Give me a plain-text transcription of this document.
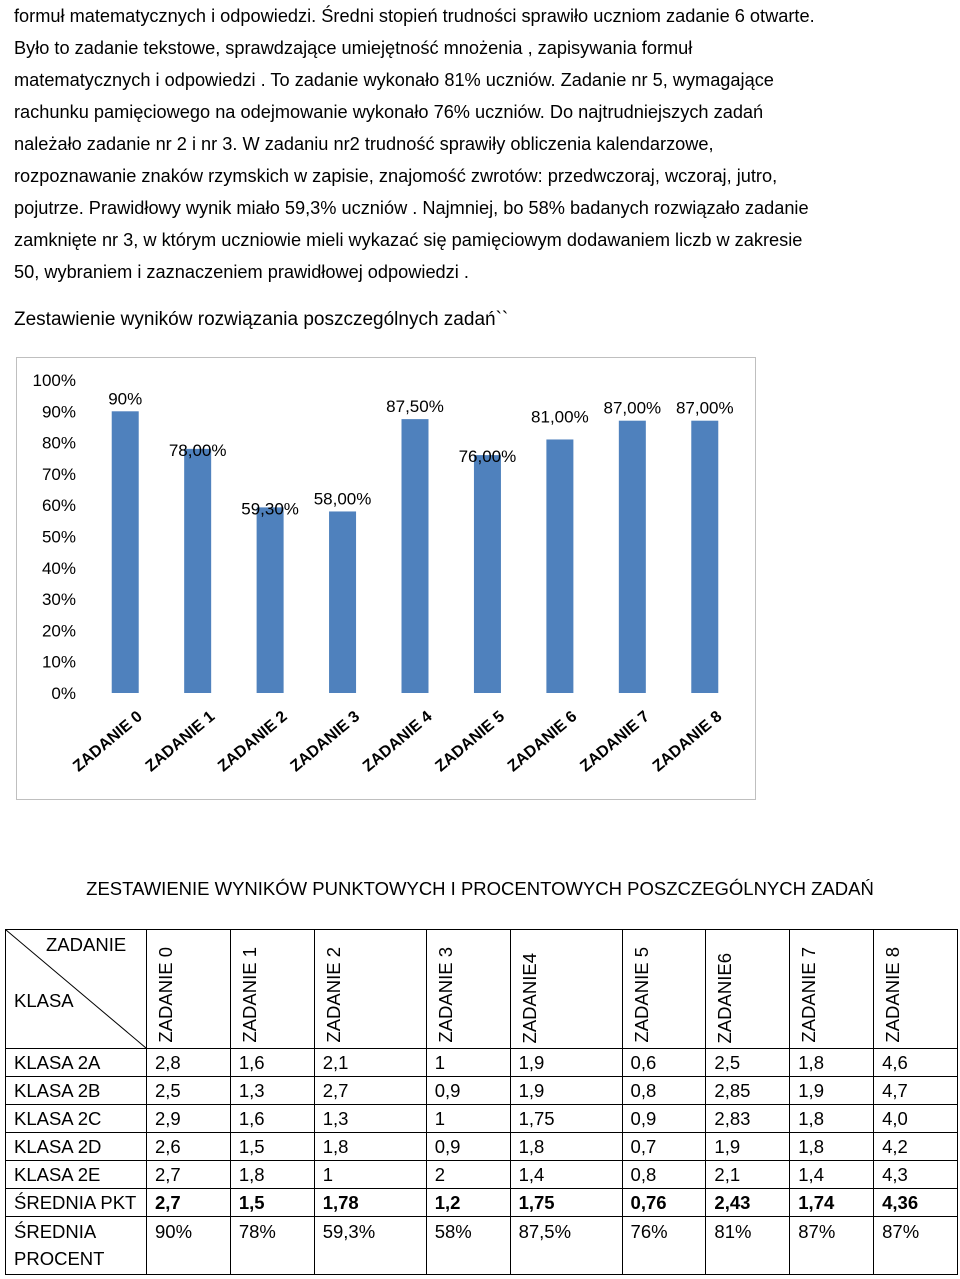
formuł matematycznych i odpowiedzi. Średni stopień trudności sprawiło uczniom zadanie 6 otwarte.
Było to zadanie tekstowe, sprawdzające umiejętność mnożenia , zapisywania formuł
matematycznych i odpowiedzi . To zadanie wykonało 81% uczniów. Zadanie nr 5, wymagające
rachunku pamięciowego na odejmowanie wykonało 76% uczniów. Do najtrudniejszych zadań
należało zadanie nr 2 i nr 3. W zadaniu nr2 trudność sprawiły obliczenia kalendarzowe,
rozpoznawanie znaków rzymskich w zapisie, znajomość zwrotów: przedwczoraj, wczoraj, jutro,
pojutrze. Prawidłowy wynik miało 59,3% uczniów . Najmniej, bo 58% badanych rozwiązało zadanie
zamknięte nr 3, w którym uczniowie mieli wykazać się pamięciowym dodawaniem liczb w zakresie
50, wybraniem i zaznaczeniem prawidłowej odpowiedzi .
Zestawienie wyników rozwiązania poszczególnych zadań``
0%
10%
20%
30%
40%
50%
60%
70%
80%
90%
100%
90%
ZADANIE 0
78,00%
ZADANIE 1
59,30%
ZADANIE 2
58,00%
ZADANIE 3
87,50%
ZADANIE 4
76,00%
ZADANIE 5
81,00%
ZADANIE 6
87,00%
ZADANIE 7
87,00%
ZADANIE 8
ZESTAWIENIE WYNIKÓW PUNKTOWYCH I PROCENTOWYCH POSZCZEGÓLNYCH ZADAŃ
ZADANIE
KLASA	ZADANIE 0	ZADANIE 1	ZADANIE 2	ZADANIE 3	ZADANIE4	ZADANIE 5	ZADANIE6	ZADANIE 7	ZADANIE 8
KLASA 2A	2,8	1,6	2,1	1	1,9	0,6	2,5	1,8	4,6
KLASA 2B	2,5	1,3	2,7	0,9	1,9	0,8	2,85	1,9	4,7
KLASA 2C	2,9	1,6	1,3	1	1,75	0,9	2,83	1,8	4,0
KLASA 2D	2,6	1,5	1,8	0,9	1,8	0,7	1,9	1,8	4,2
KLASA 2E	2,7	1,8	1	2	1,4	0,8	2,1	1,4	4,3
ŚREDNIA PKT	2,7	1,5	1,78	1,2	1,75	0,76	2,43	1,74	4,36
ŚREDNIA PROCENT	90%	78%	59,3%	58%	87,5%	76%	81%	87%	87%
